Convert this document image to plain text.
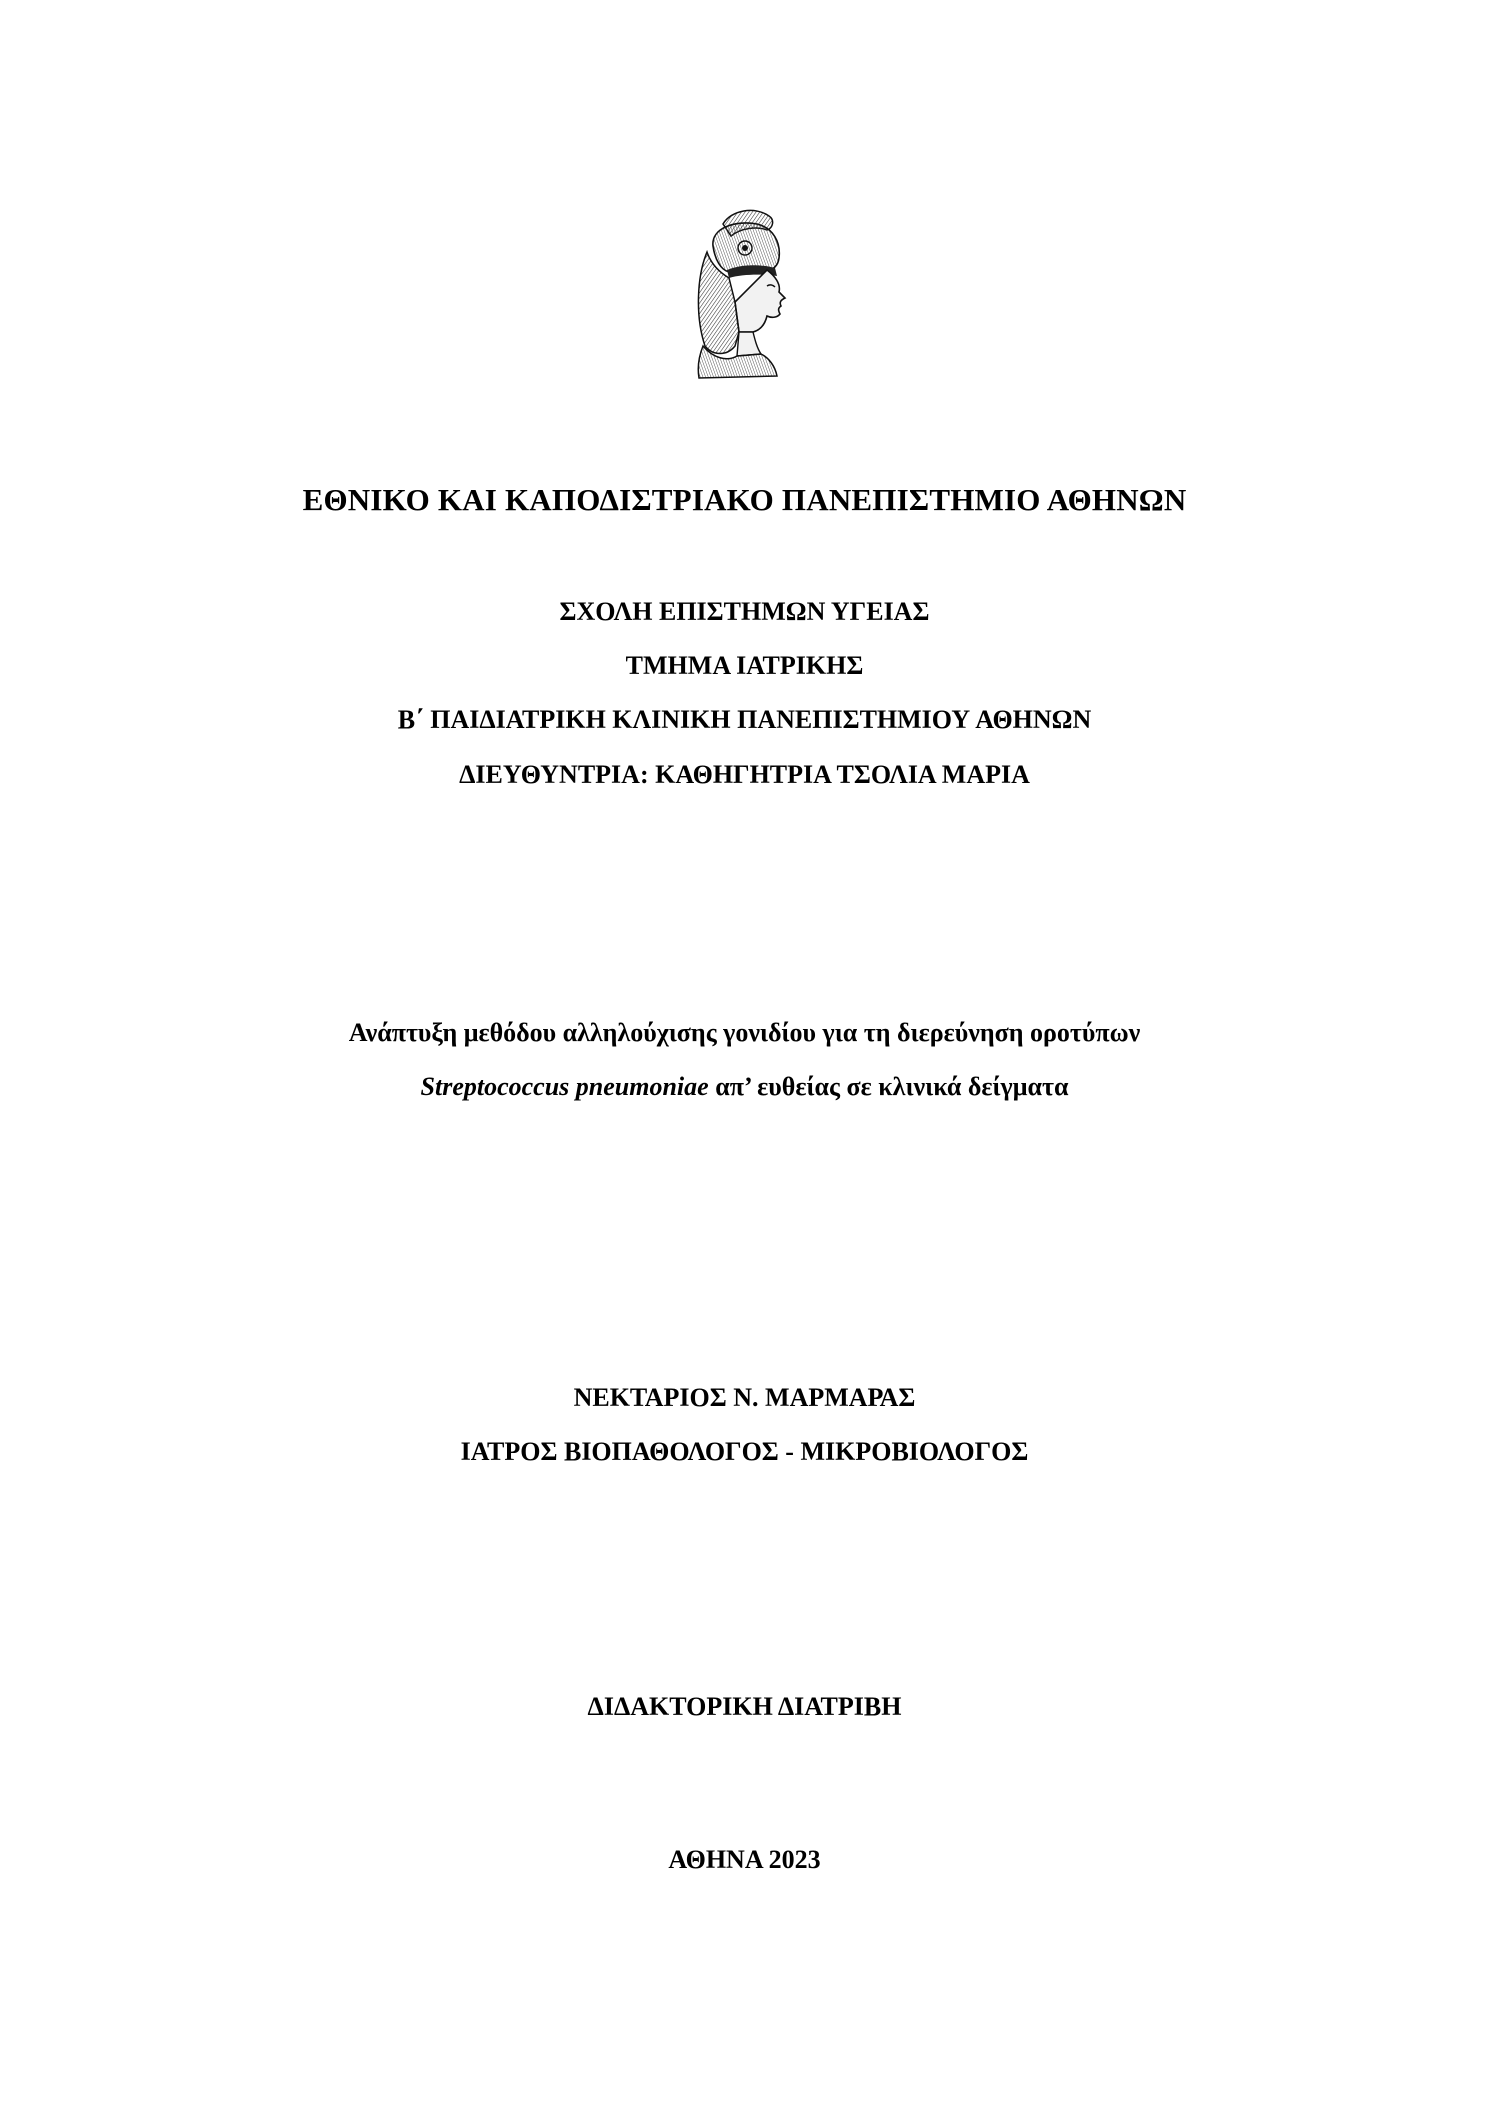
ΕΘΝΙΚΟ ΚΑΙ ΚΑΠΟΔΙΣΤΡΙΑΚΟ ΠΑΝΕΠΙΣΤΗΜΙΟ ΑΘΗΝΩΝ
ΣΧΟΛΗ ΕΠΙΣΤΗΜΩΝ ΥΓΕΙΑΣ
ΤΜΗΜΑ ΙΑΤΡΙΚΗΣ
Β΄ ΠΑΙΔΙΑΤΡΙΚΗ ΚΛΙΝΙΚΗ ΠΑΝΕΠΙΣΤΗΜΙΟΥ ΑΘΗΝΩΝ
ΔΙΕΥΘΥΝΤΡΙΑ: ΚΑΘΗΓΗΤΡΙΑ ΤΣΟΛΙΑ ΜΑΡΙΑ
Ανάπτυξη μεθόδου αλληλούχισης γονιδίου για τη διερεύνηση οροτύπων
Streptococcus pneumoniae απ’ ευθείας σε κλινικά δείγματα
ΝΕΚΤΑΡΙΟΣ Ν. ΜΑΡΜΑΡΑΣ
ΙΑΤΡΟΣ ΒΙΟΠΑΘΟΛΟΓΟΣ - ΜΙΚΡΟΒΙΟΛΟΓΟΣ
ΔΙΔΑΚΤΟΡΙΚΗ ΔΙΑΤΡΙΒΗ
ΑΘΗΝΑ 2023
